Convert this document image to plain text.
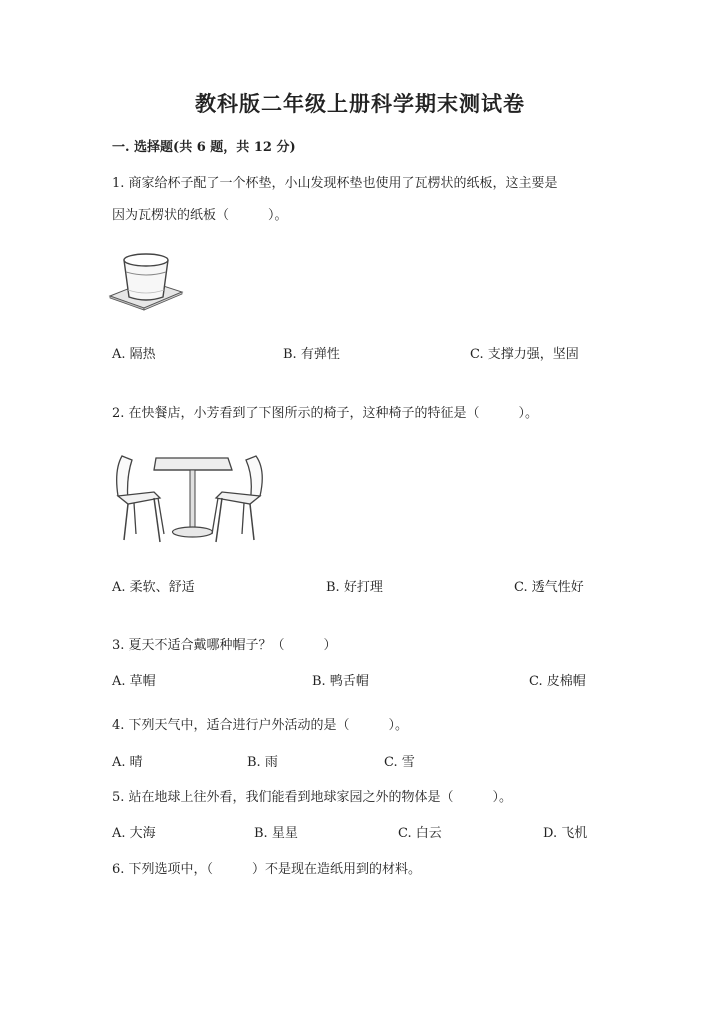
教科版二年级上册科学期末测试卷
一. 选择题(共 6 题，共 12 分)
1. 商家给杯子配了一个杯垫，小山发现杯垫也使用了瓦楞状的纸板，这主要是
因为瓦楞状的纸板（　　　）。
A. 隔热	B. 有弹性	C. 支撑力强，坚固
2. 在快餐店，小芳看到了下图所示的椅子，这种椅子的特征是（　　　）。
A. 柔软、舒适	B. 好打理	C. 透气性好
3. 夏天不适合戴哪种帽子？（　　　）
A. 草帽	B. 鸭舌帽	C. 皮棉帽
4. 下列天气中，适合进行户外活动的是（　　　）。
A. 晴	B. 雨	C. 雪
5. 站在地球上往外看，我们能看到地球家园之外的物体是（　　　）。
A. 大海	B. 星星	C. 白云	D. 飞机
6. 下列选项中，（　　　）不是现在造纸用到的材料。
